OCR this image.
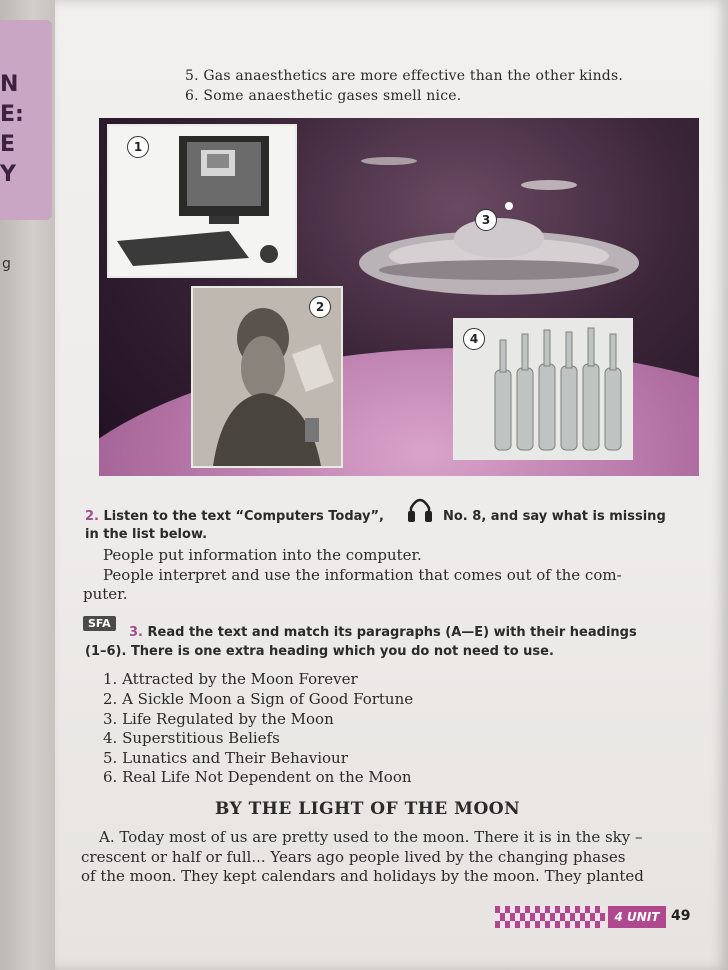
N
E:
E
Y
g
5. Gas anaesthetics are more effective than the other kinds.
6. Some anaesthetic gases smell nice.
3
1
2
4
2. Listen to the text “Computers Today”,	No. 8, and say what is missing
in the list below.
People put information into the computer.
People interpret and use the information that comes out of the com-
puter.
SFA
3. Read the text and match its paragraphs (A—E) with their headings
(1–6). There is one extra heading which you do not need to use.
1. Attracted by the Moon Forever
2. A Sickle Moon a Sign of Good Fortune
3. Life Regulated by the Moon
4. Superstitious Beliefs
5. Lunatics and Their Behaviour
6. Real Life Not Dependent on the Moon
BY THE LIGHT OF THE MOON
A. Today most of us are pretty used to the moon. There it is in the sky –
crescent or half or full... Years ago people lived by the changing phases
of the moon. They kept calendars and holidays by the moon. They planted
4 UNIT 49
